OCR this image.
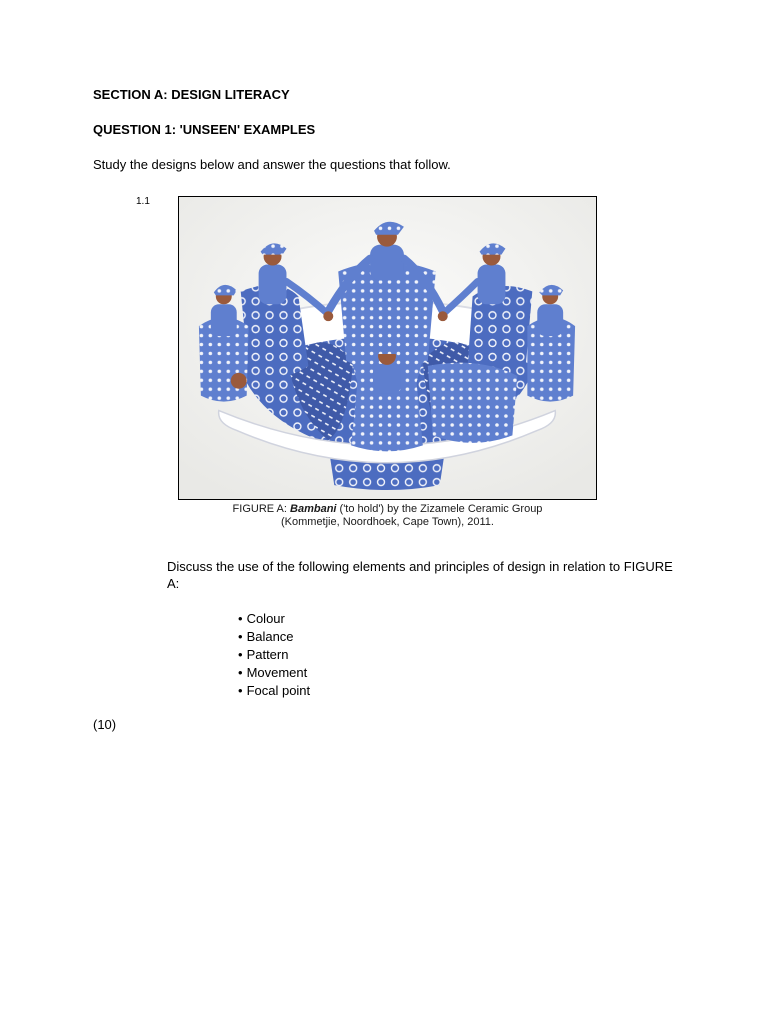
SECTION A: DESIGN LITERACY
QUESTION 1: 'UNSEEN' EXAMPLES
Study the designs below and answer the questions that follow.
1.1
FIGURE A: Bambani ('to hold') by the Zizamele Ceramic Group
(Kommetjie, Noordhoek, Cape Town), 2011.
Discuss the use of the following elements and principles of design in relation to FIGURE A:
• Colour
• Balance
• Pattern
• Movement
• Focal point
(10)
